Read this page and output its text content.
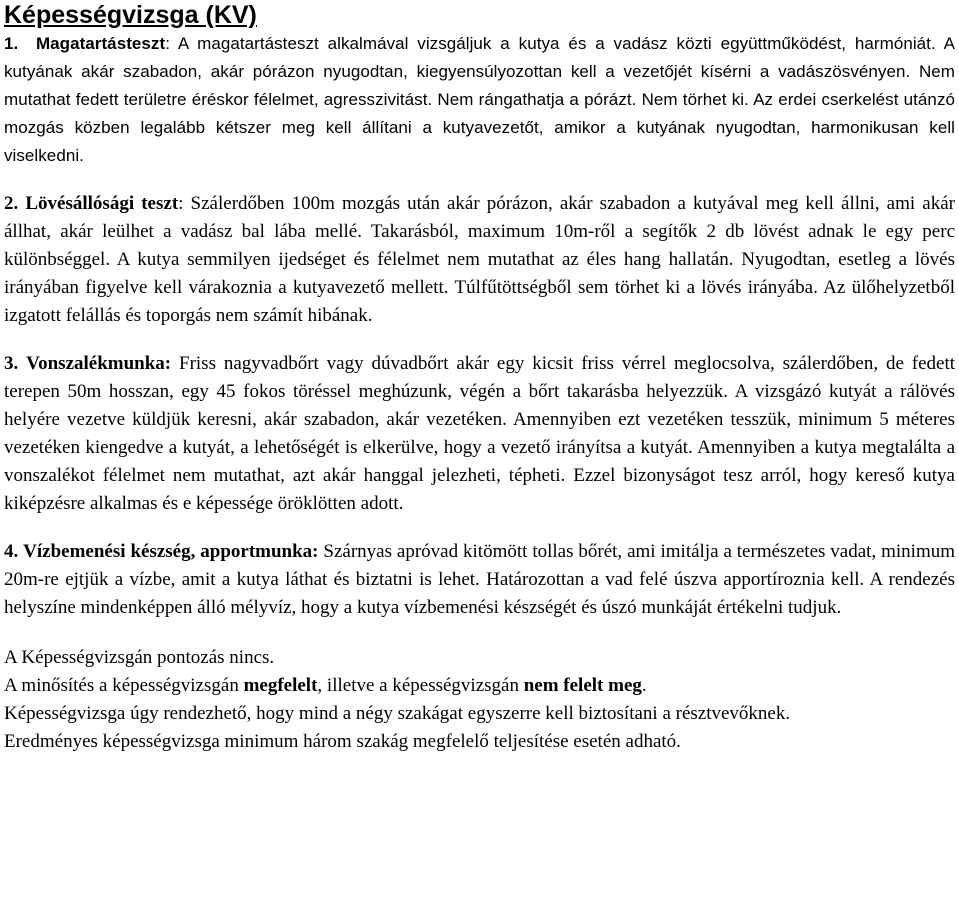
Képességvizsga (KV)

1. Magatartásteszt: A magatartásteszt alkalmával vizsgáljuk a kutya és a vadász közti együttműködést, harmóniát. A kutyának akár szabadon, akár pórázon nyugodtan, kiegyensúlyozottan kell a vezetőjét kísérni a vadászösvényen. Nem mutathat fedett területre éréskor félelmet, agresszivitást. Nem rángathatja a pórázt. Nem törhet ki. Az erdei cserkelést utánzó mozgás közben legalább kétszer meg kell állítani a kutyavezetőt, amikor a kutyának nyugodtan, harmonikusan kell viselkedni.

2. Lövésállósági teszt: Szálerdőben 100m mozgás után akár pórázon, akár szabadon a kutyával meg kell állni, ami akár állhat, akár leülhet a vadász bal lába mellé. Takarásból, maximum 10m-ről a segítők 2 db lövést adnak le egy perc különbséggel. A kutya semmilyen ijedséget és félelmet nem mutathat az éles hang hallatán. Nyugodtan, esetleg a lövés irányában figyelve kell várakoznia a kutyavezető mellett. Túlfűtöttségből sem törhet ki a lövés irányába. Az ülőhelyzetből izgatott felállás és toporgás nem számít hibának.

3. Vonszalékmunka: Friss nagyvadbőrt vagy dúvadbőrt akár egy kicsit friss vérrel meglocsolva, szálerdőben, de fedett terepen 50m hosszan, egy 45 fokos töréssel meghúzunk, végén a bőrt takarásba helyezzük. A vizsgázó kutyát a rálövés helyére vezetve küldjük keresni, akár szabadon, akár vezetéken. Amennyiben ezt vezetéken tesszük, minimum 5 méteres vezetéken kiengedve a kutyát, a lehetőségét is elkerülve, hogy a vezető irányítsa a kutyát. Amennyiben a kutya megtalálta a vonszalékot félelmet nem mutathat, azt akár hanggal jelezheti, tépheti. Ezzel bizonyságot tesz arról, hogy kereső kutya kiképzésre alkalmas és e képessége öröklötten adott.

4. Vízbemenési készség, apportmunka: Szárnyas apróvad kitömött tollas bőrét, ami imitálja a természetes vadat, minimum 20m-re ejtjük a vízbe, amit a kutya láthat és biztatni is lehet. Határozottan a vad felé úszva apportíroznia kell. A rendezés helyszíne mindenképpen álló mélyvíz, hogy a kutya vízbemenési készségét és úszó munkáját értékelni tudjuk.

A Képességvizsgán pontozás nincs.

A minősítés a képességvizsgán megfelelt, illetve a képességvizsgán nem felelt meg.

Képességvizsga úgy rendezhető, hogy mind a négy szakágat egyszerre kell biztosítani a résztvevőknek.

Eredményes képességvizsga minimum három szakág megfelelő teljesítése esetén adható.
